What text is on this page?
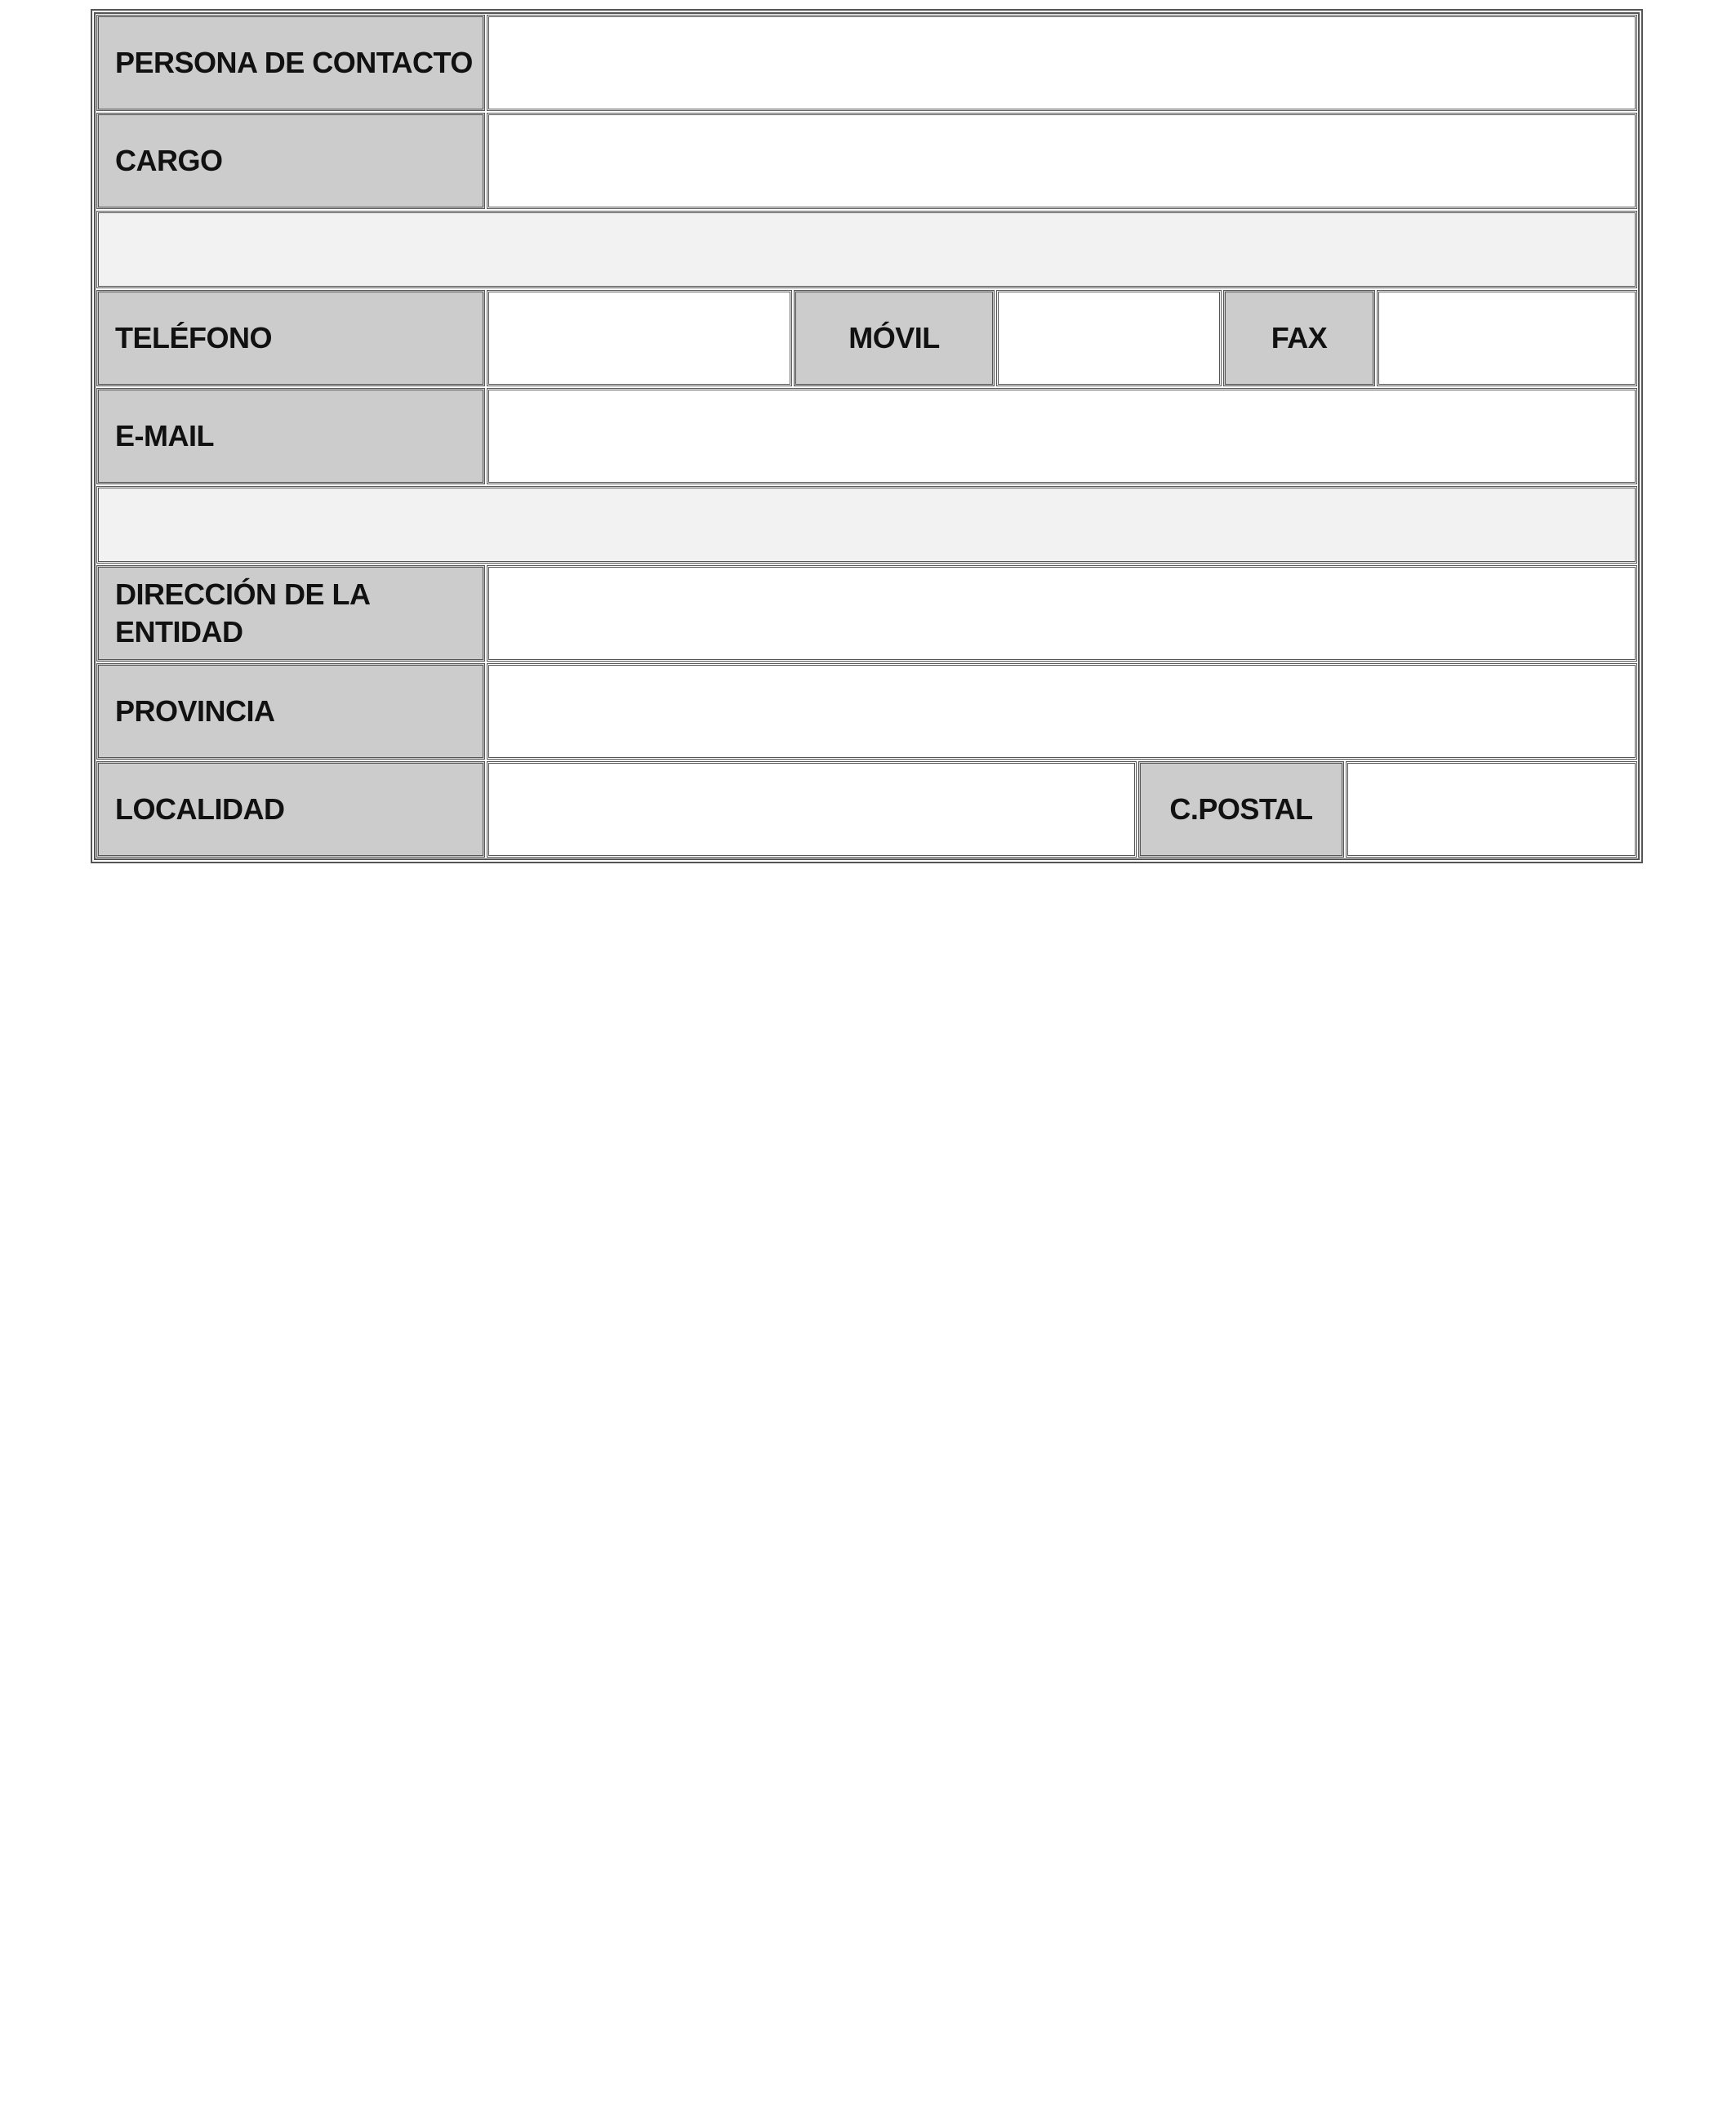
PERSONA DE CONTACTO
CARGO
TELÉFONO	MÓVIL	FAX
E-MAIL
DIRECCIÓN DE LA
ENTIDAD
PROVINCIA
LOCALIDAD	C.POSTAL
